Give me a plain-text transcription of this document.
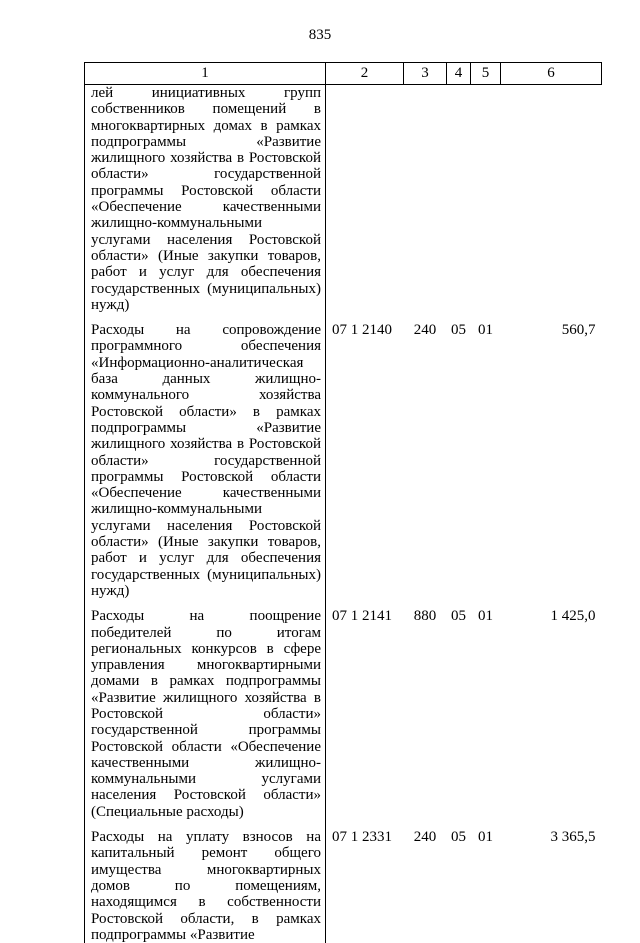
835
1	2	3	4	5	6
лей инициативных групп собственников помещений в многоквартирных домах в рамках подпрограммы «Развитие жилищного хозяйства в Ростовской области» государственной программы Ростовской области «Обеспечение качественными жилищно-коммунальными услугами населения Ростовской области» (Иные закупки товаров, работ и услуг для обеспечения государственных (муниципальных) нужд)					
Расходы на сопровождение программного обеспечения «Информационно-аналитическая база данных жилищно-коммунального хозяйства Ростовской области» в рамках подпрограммы «Развитие жилищного хозяйства в Ростовской области» государственной программы Ростовской области «Обеспечение качественными жилищно-коммунальными услугами населения Ростовской области» (Иные закупки товаров, работ и услуг для обеспечения государственных (муниципальных) нужд)	07 1 2140	240	05	01	560,7
Расходы на поощрение победителей по итогам региональных конкурсов в сфере управления многоквартирными домами в рамках подпрограммы «Развитие жилищного хозяйства в Ростовской области» государственной программы Ростовской области «Обеспечение качественными жилищно-коммунальными услугами населения Ростовской области» (Специальные расходы)	07 1 2141	880	05	01	1 425,0
Расходы на уплату взносов на капитальный ремонт общего имущества многоквартирных домов по помещениям, находящимся в собственности Ростовской области, в рамках подпрограммы «Развитие	07 1 2331	240	05	01	3 365,5
